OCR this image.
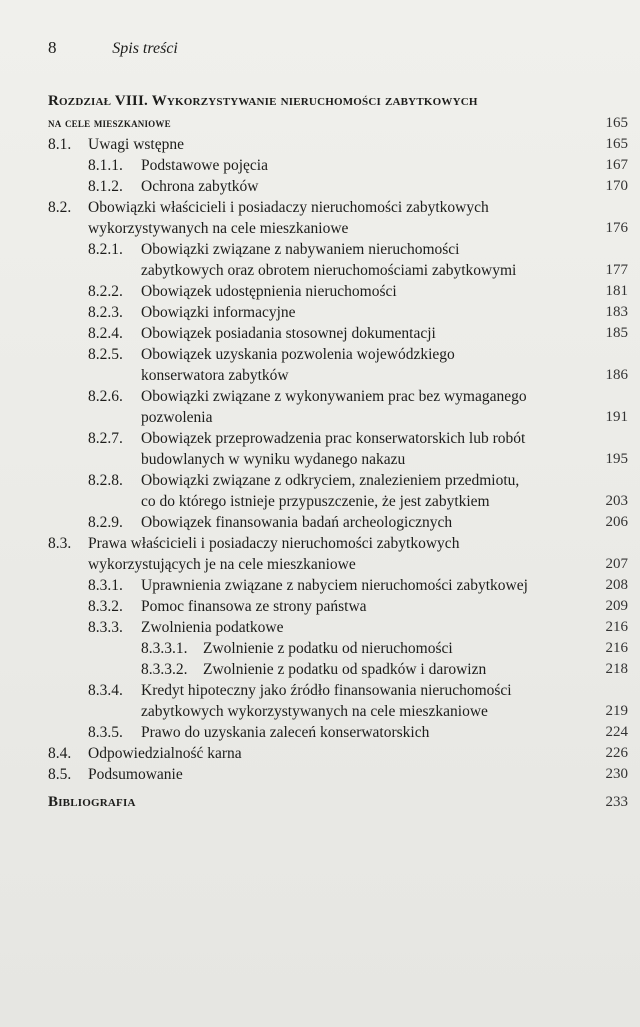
8	Spis treści
Rozdział VIII. Wykorzystywanie nieruchomości zabytkowych
na cele mieszkaniowe	165
8.1.	Uwagi wstępne	165
8.1.1.	Podstawowe pojęcia	167
8.1.2.	Ochrona zabytków	170
8.2.	Obowiązki właścicieli i posiadaczy nieruchomości zabytkowych
wykorzystywanych na cele mieszkaniowe	176
8.2.1.	Obowiązki związane z nabywaniem nieruchomości
zabytkowych oraz obrotem nieruchomościami zabytkowymi	177
8.2.2.	Obowiązek udostępnienia nieruchomości	181
8.2.3.	Obowiązki informacyjne	183
8.2.4.	Obowiązek posiadania stosownej dokumentacji	185
8.2.5.	Obowiązek uzyskania pozwolenia wojewódzkiego
konserwatora zabytków	186
8.2.6.	Obowiązki związane z wykonywaniem prac bez wymaganego
pozwolenia	191
8.2.7.	Obowiązek przeprowadzenia prac konserwatorskich lub robót
budowlanych w wyniku wydanego nakazu	195
8.2.8.	Obowiązki związane z odkryciem, znalezieniem przedmiotu,
co do którego istnieje przypuszczenie, że jest zabytkiem	203
8.2.9.	Obowiązek finansowania badań archeologicznych	206
8.3.	Prawa właścicieli i posiadaczy nieruchomości zabytkowych
wykorzystujących je na cele mieszkaniowe	207
8.3.1.	Uprawnienia związane z nabyciem nieruchomości zabytkowej	208
8.3.2.	Pomoc finansowa ze strony państwa	209
8.3.3.	Zwolnienia podatkowe	216
8.3.3.1.	Zwolnienie z podatku od nieruchomości	216
8.3.3.2.	Zwolnienie z podatku od spadków i darowizn	218
8.3.4.	Kredyt hipoteczny jako źródło finansowania nieruchomości
zabytkowych wykorzystywanych na cele mieszkaniowe	219
8.3.5.	Prawo do uzyskania zaleceń konserwatorskich	224
8.4.	Odpowiedzialność karna	226
8.5.	Podsumowanie	230
Bibliografia	233
